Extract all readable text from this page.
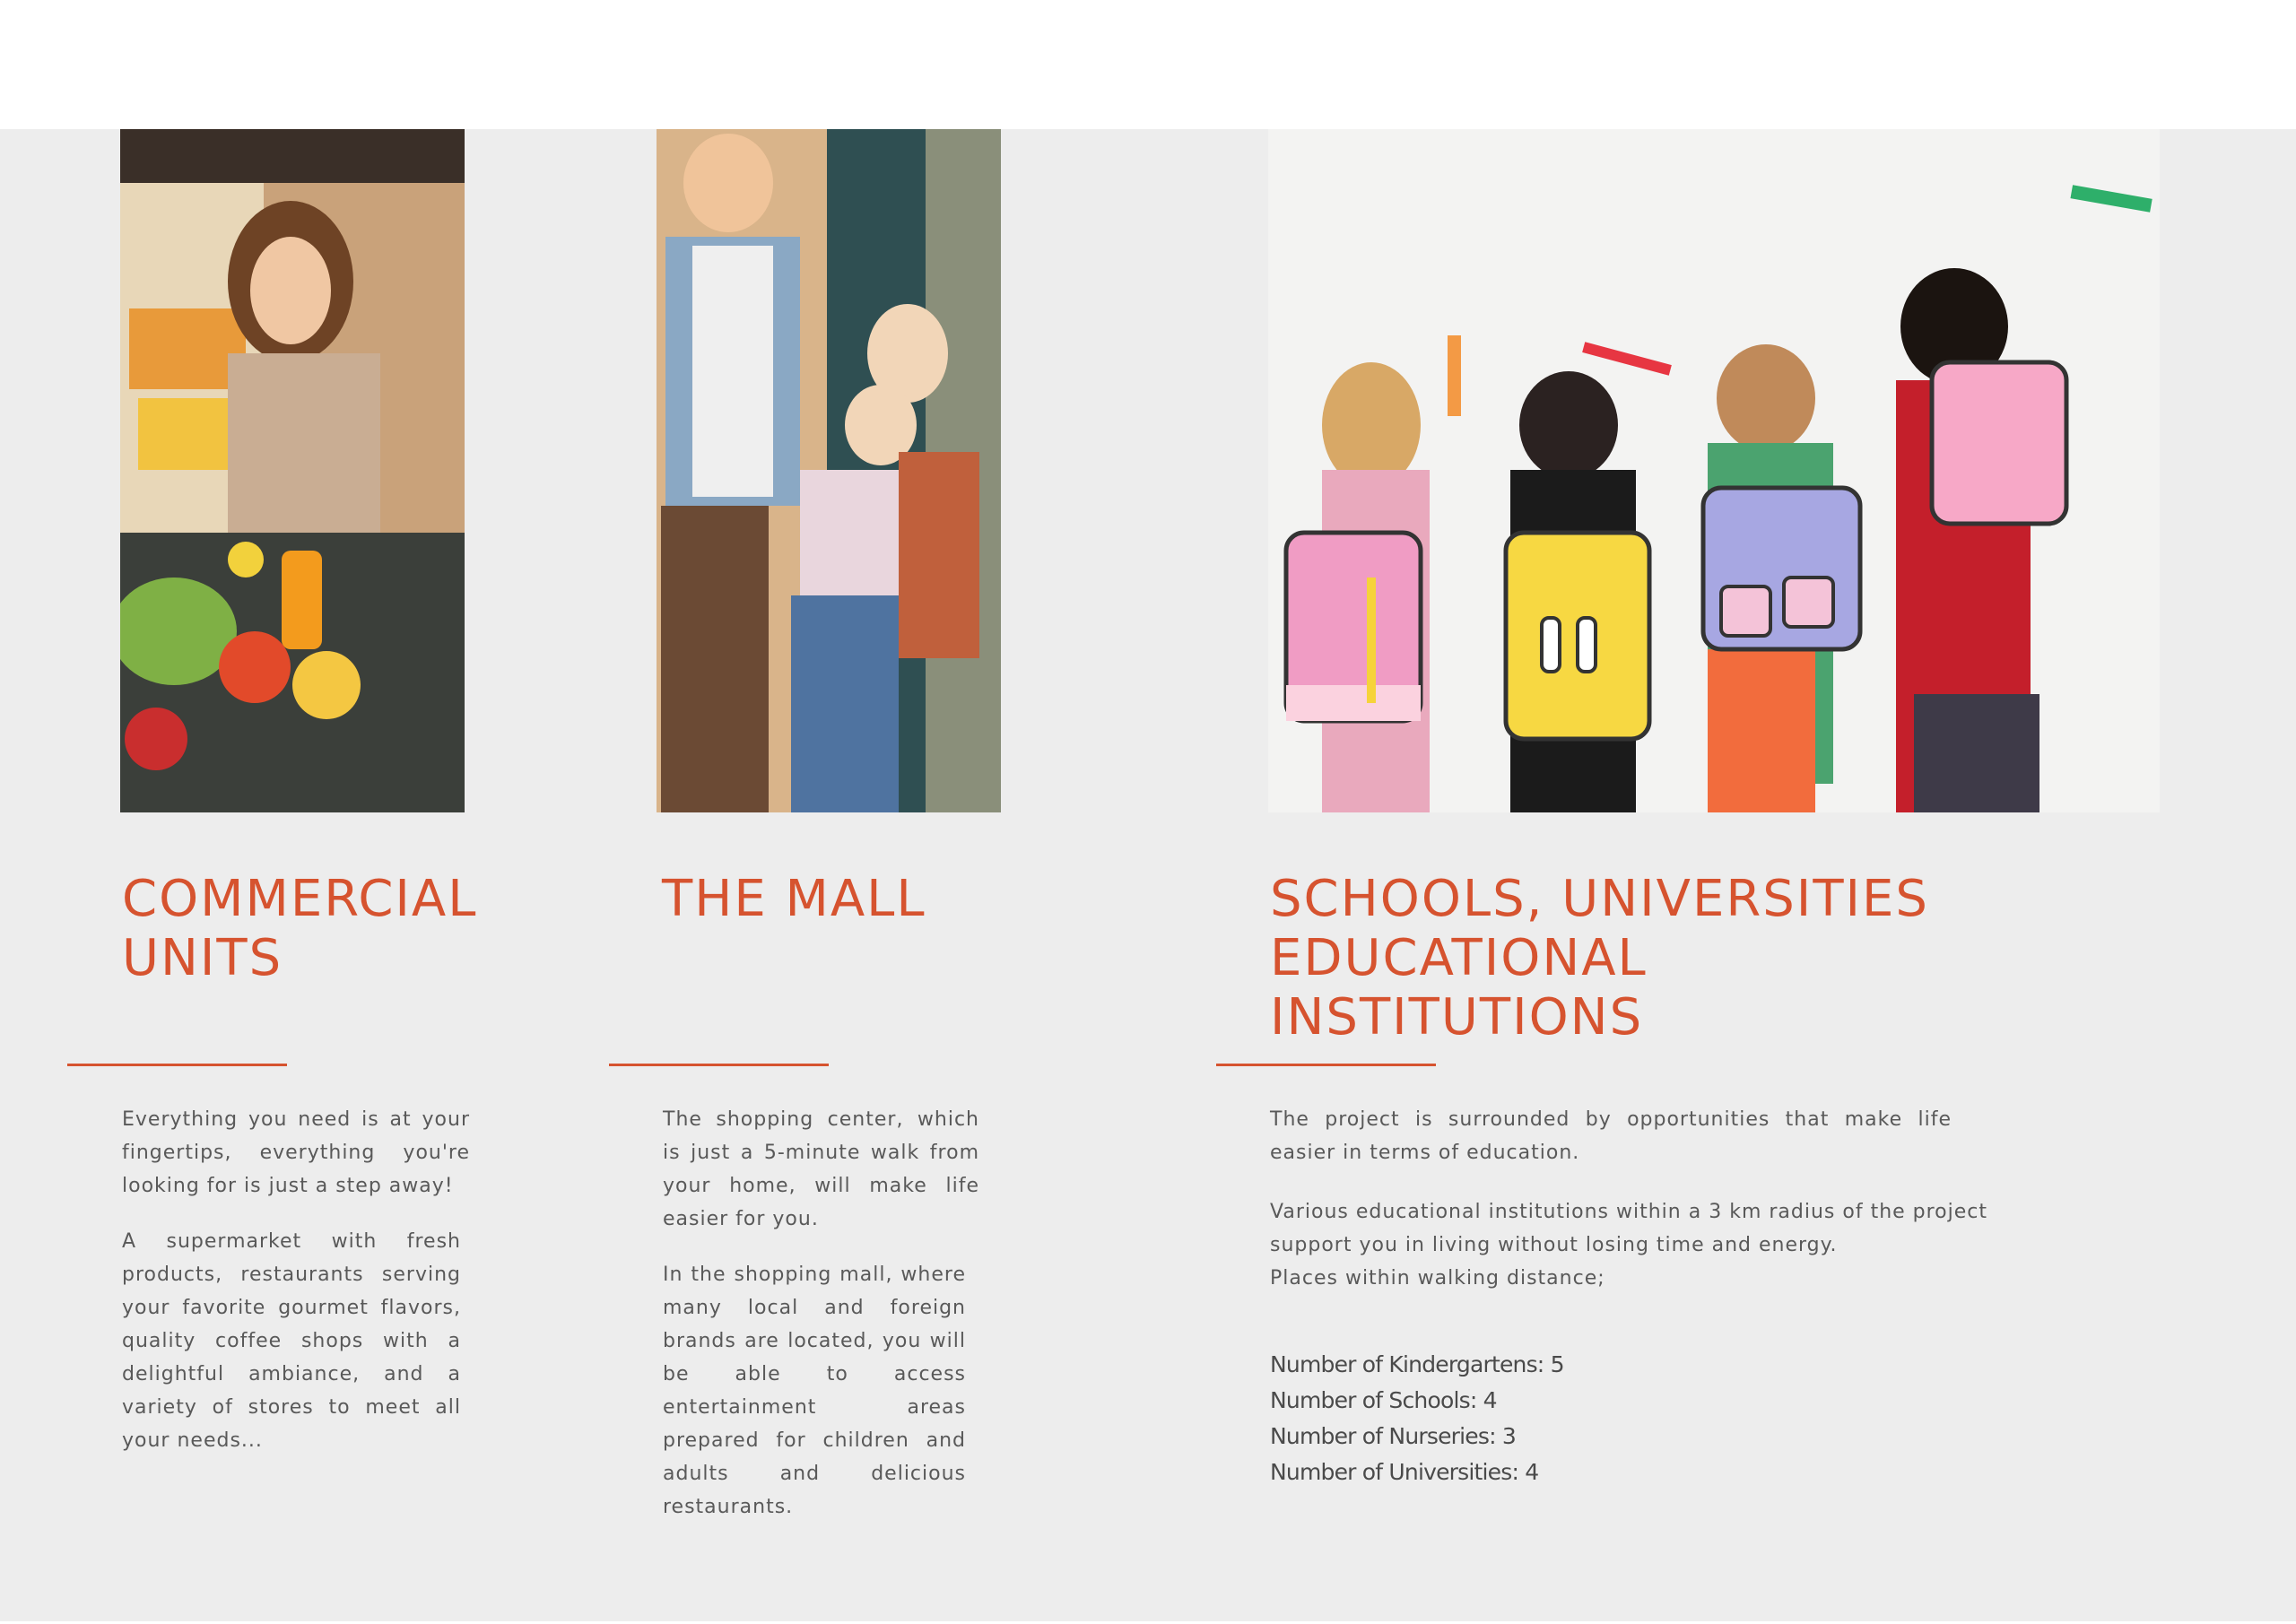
COMMERCIAL
UNITS
THE MALL	SCHOOLS, UNIVERSITIES
EDUCATIONAL
INSTITUTIONS

Everything you need is at your fingertips, everything you're looking for is just a step away!

A supermarket with fresh products, restaurants serving your favorite gourmet flavors, quality coffee shops with a delightful ambiance, and a variety of stores to meet all your needs...

The shopping center, which is just a 5-minute walk from your home, will make life easier for you.

In the shopping mall, where many local and foreign brands are located, you will be able to access entertainment areas prepared for children and adults and delicious restaurants.

The project is surrounded by opportunities that make life easier in terms of education.

Various educational institutions within a 3 km radius of the project support you in living without losing time and energy.

Places within walking distance;

Number of Kindergartens: 5
Number of Schools: 4
Number of Nurseries: 3
Number of Universities: 4
